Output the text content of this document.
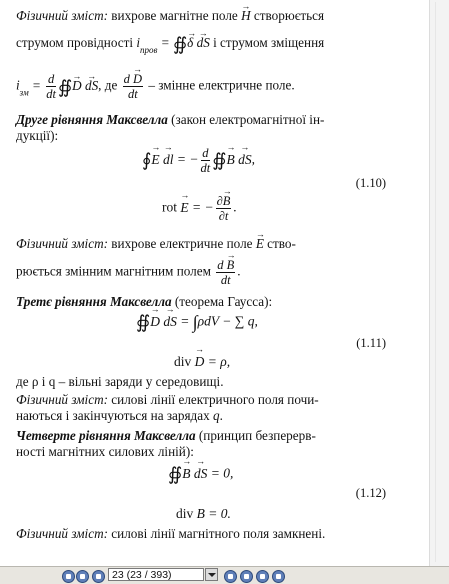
Фізичний зміст: вихрове магнітне поле → H створюється
струмом провідності $i_{пров}$ = ∯→ δ → dS і струмом зміщення
$i_{зм} = \frac{d}{dt}$ ∯→ D → dS, де $\frac{d \to D}{dt}$ – змінне електричне поле.
Друге рівняння Максвелла (закон електромагнітної ін-
дукції):
∮→ E → dl = − $\frac{d}{dt}$ ∯→ B → dS,
(1.10)
rot → E = − $\frac{\partial\to B}{\partial t}$ .
Фізичний зміст: вихрове електричне поле → E ство-
рюється змінним магнітним полем $\frac{d \to B}{dt}$ .
Третє рівняння Максвелла (теорема Гаусса):
∯→ D → dS = ∫ρdV − ∑ q,
(1.11)
div → D = ρ,
де ρ і q – вільні заряди у середовищі.
Фізичний зміст: силові лінії електричного поля почи-
наються і закінчуються на зарядах q.
Четверте рівняння Максвелла (принцип безперерв-
ності магнітних силових ліній):
∯→ B → dS = 0,
(1.12)
div → B = 0.
Фізичний зміст: силові лінії магнітного поля замкнені.
23 (23 / 393)
